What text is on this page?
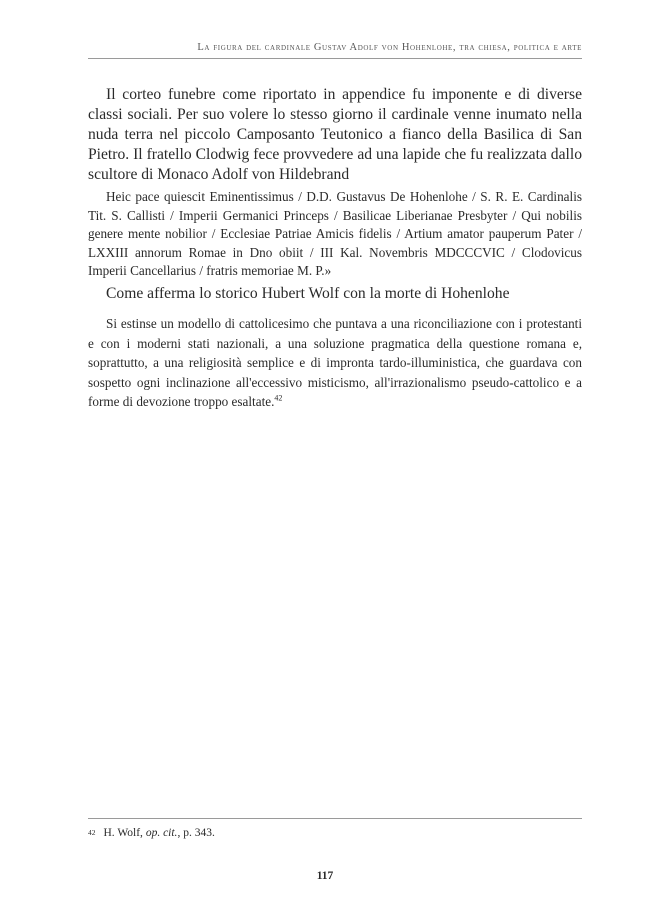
La figura del cardinale Gustav Adolf von Hohenlohe, tra chiesa, politica e arte

Il corteo funebre come riportato in appendice fu imponente e di diverse classi sociali. Per suo volere lo stesso giorno il cardinale venne inumato nella nuda terra nel piccolo Camposanto Teutonico a fianco della Basilica di San Pietro. Il fratello Clodwig fece provvedere ad una lapide che fu realizzata dallo scultore di Monaco Adolf von Hildebrand

Heic pace quiescit Eminentissimus / D.D. Gustavus De Hohenlohe / S. R. E. Cardinalis Tit. S. Callisti / Imperii Germanici Princeps / Basilicae Liberianae Presbyter / Qui nobilis genere mente nobilior / Ecclesiae Patriae Amicis fidelis / Artium amator pauperum Pater / LXXIII annorum Romae in Dno obiit / III Kal. Novembris MDCCCVIC / Clodovicus Imperii Cancellarius / fratris memoriae M. P.»

Come afferma lo storico Hubert Wolf con la morte di Hohenlohe

Si estinse un modello di cattolicesimo che puntava a una riconciliazione con i protestanti e con i moderni stati nazionali, a una soluzione pragmatica della questione romana e, soprattutto, a una religiosità semplice e di impronta tardo-illuministica, che guardava con sospetto ogni inclinazione all'eccessivo misticismo, all'irrazionalismo pseudo-cattolico e a forme di devozione troppo esaltate.$^{42}$

$^{42}$ H. Wolf, op. cit., p. 343.
117
